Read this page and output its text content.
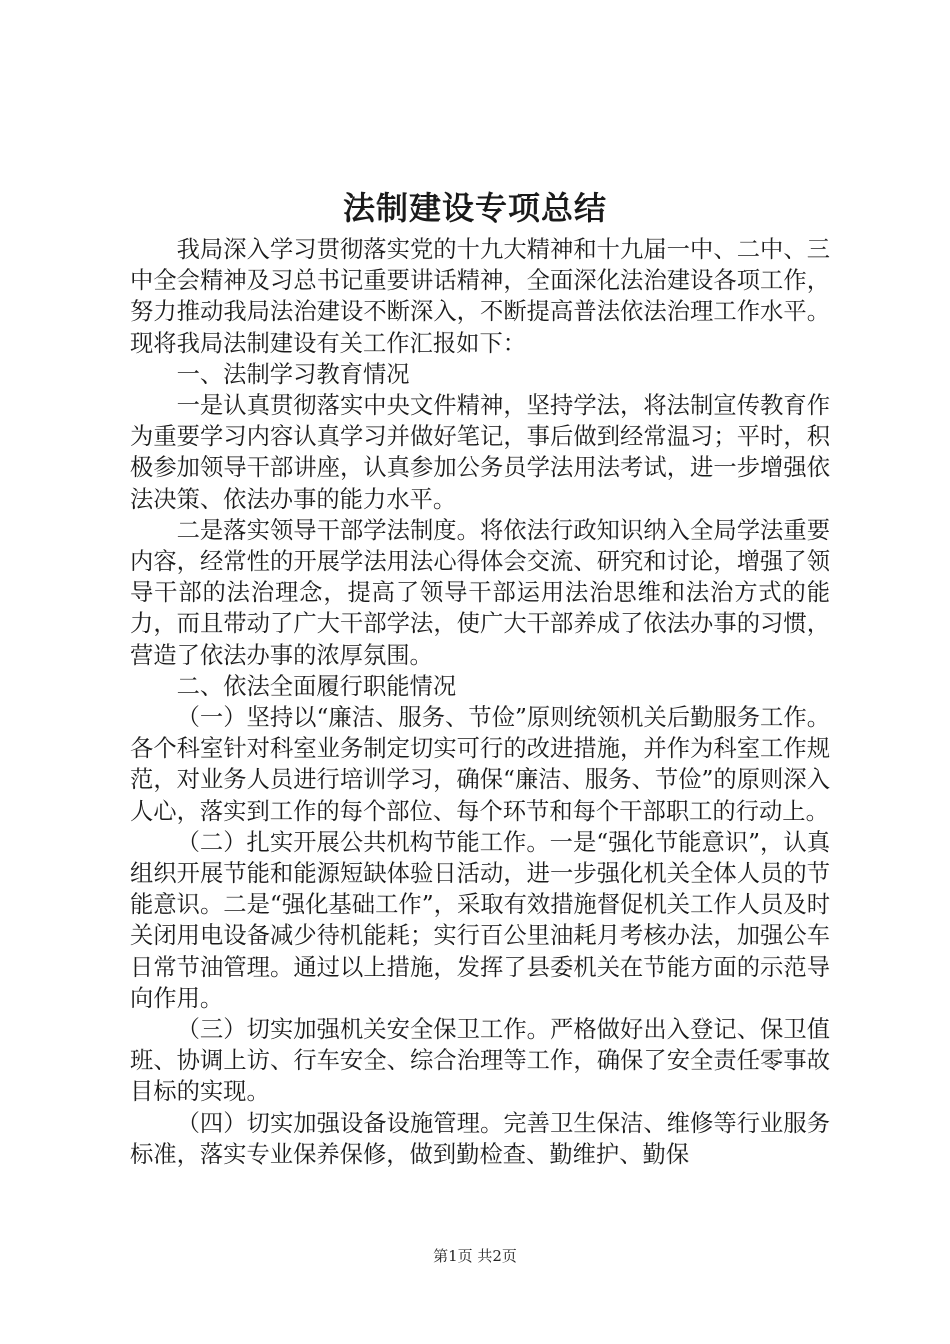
法制建设专项总结

我局深入学习贯彻落实党的十九大精神和十九届一中、二中、三中全会精神及习总书记重要讲话精神，全面深化法治建设各项工作，努力推动我局法治建设不断深入，不断提高普法依法治理工作水平。现将我局法制建设有关工作汇报如下：

一、法制学习教育情况

一是认真贯彻落实中央文件精神，坚持学法，将法制宣传教育作为重要学习内容认真学习并做好笔记，事后做到经常温习；平时，积极参加领导干部讲座，认真参加公务员学法用法考试，进一步增强依法决策、依法办事的能力水平。

二是落实领导干部学法制度。将依法行政知识纳入全局学法重要内容，经常性的开展学法用法心得体会交流、研究和讨论，增强了领导干部的法治理念，提高了领导干部运用法治思维和法治方式的能力，而且带动了广大干部学法，使广大干部养成了依法办事的习惯，营造了依法办事的浓厚氛围。

二、依法全面履行职能情况

（一）坚持以“廉洁、服务、节俭”原则统领机关后勤服务工作。各个科室针对科室业务制定切实可行的改进措施，并作为科室工作规范，对业务人员进行培训学习，确保“廉洁、服务、节俭”的原则深入人心，落实到工作的每个部位、每个环节和每个干部职工的行动上。

（二）扎实开展公共机构节能工作。一是“强化节能意识”，认真组织开展节能和能源短缺体验日活动，进一步强化机关全体人员的节能意识。二是“强化基础工作”，采取有效措施督促机关工作人员及时关闭用电设备减少待机能耗；实行百公里油耗月考核办法，加强公车日常节油管理。通过以上措施，发挥了县委机关在节能方面的示范导向作用。

（三）切实加强机关安全保卫工作。严格做好出入登记、保卫值班、协调上访、行车安全、综合治理等工作，确保了安全责任零事故目标的实现。

（四）切实加强设备设施管理。完善卫生保洁、维修等行业服务标准，落实专业保养保修，做到勤检查、勤维护、勤保

第1页 共2页
